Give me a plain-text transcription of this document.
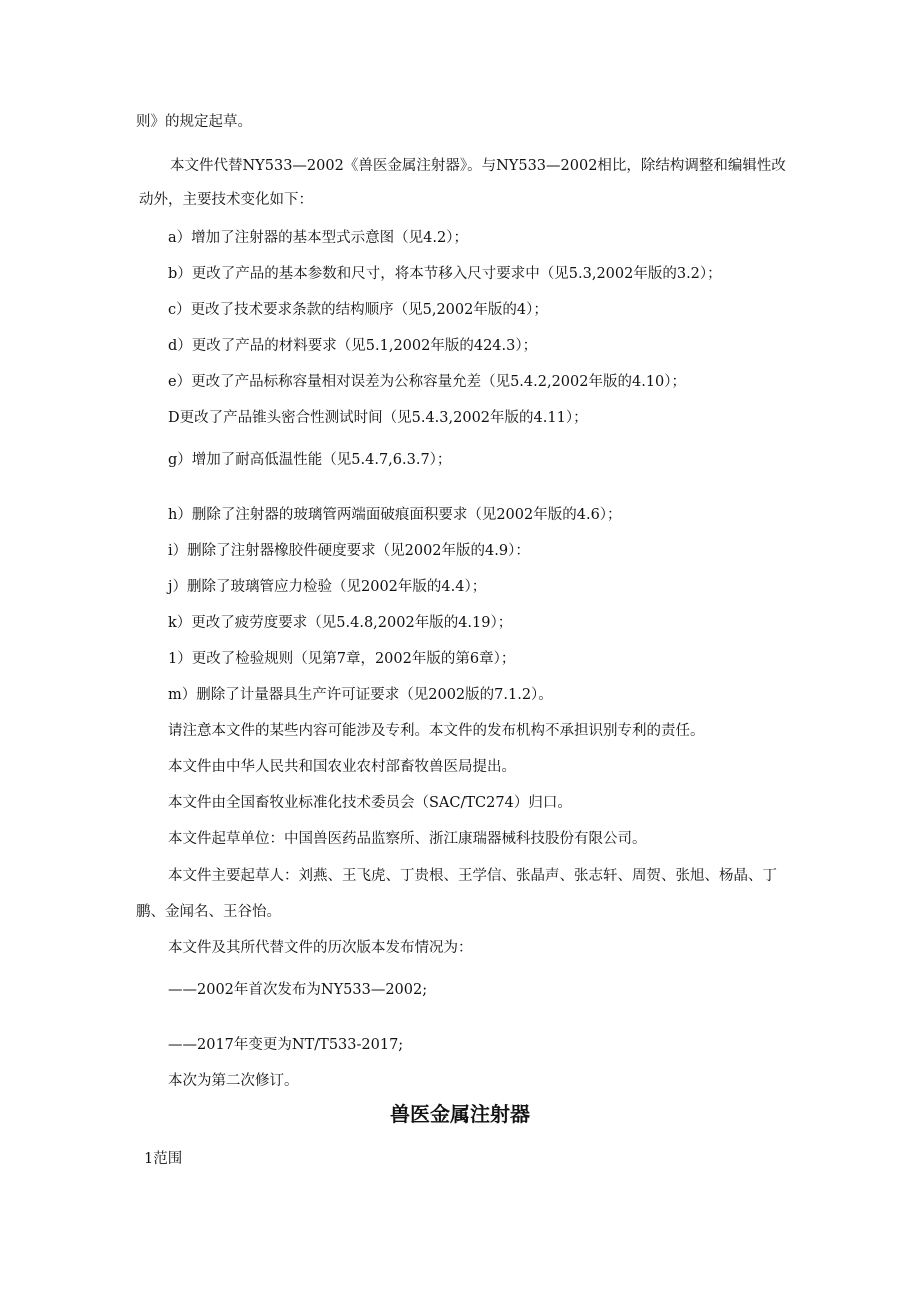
则》的规定起草。
本文件代替NY533—2002《兽医金属注射器》。与NY533—2002相比，除结构调整和编辑性改
动外，主要技术变化如下：
a）增加了注射器的基本型式示意图（见4.2）；
b）更改了产品的基本参数和尺寸，将本节移入尺寸要求中（见5.3,2002年版的3.2）；
c）更改了技术要求条款的结构顺序（见5,2002年版的4）；
d）更改了产品的材料要求（见5.1,2002年版的424.3）；
e）更改了产品标称容量相对误差为公称容量允差（见5.4.2,2002年版的4.10）；
D更改了产品锥头密合性测试时间（见5.4.3,2002年版的4.11）；
g）增加了耐高低温性能（见5.4.7,6.3.7）；
h）删除了注射器的玻璃管两端面破痕面积要求（见2002年版的4.6）；
i）删除了注射器橡胶件硬度要求（见2002年版的4.9）：
j）删除了玻璃管应力检验（见2002年版的4.4）；
k）更改了疲劳度要求（见5.4.8,2002年版的4.19）；
1）更改了检验规则（见第7章，2002年版的第6章）；
m）删除了计量器具生产许可证要求（见2002版的7.1.2）。
请注意本文件的某些内容可能涉及专利。本文件的发布机构不承担识别专利的责任。
本文件由中华人民共和国农业农村部畜牧兽医局提出。
本文件由全国畜牧业标准化技术委员会（SAC/TC274）归口。
本文件起草单位：中国兽医药品监察所、浙江康瑞器械科技股份有限公司。
本文件主要起草人：刘燕、王飞虎、丁贵根、王学信、张晶声、张志轩、周贺、张旭、杨晶、丁
鹏、金闻名、王谷怡。
本文件及其所代替文件的历次版本发布情况为：
——2002年首次发布为NY533—2002;
——2017年变更为NT/T533-2017;
本次为第二次修订。
兽医金属注射器
1范围
